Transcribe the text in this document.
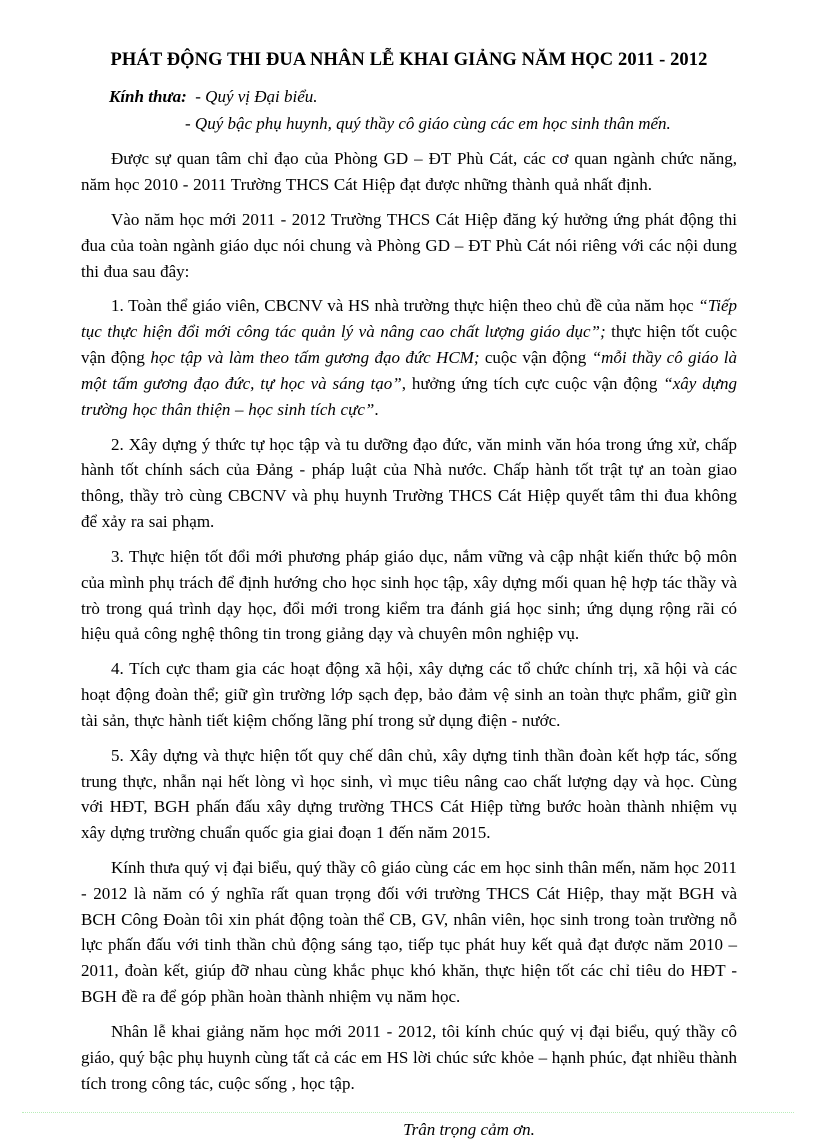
PHÁT ĐỘNG THI ĐUA NHÂN LỄ KHAI GIẢNG NĂM HỌC 2011 - 2012
Kính thưa: - Quý vị Đại biểu.
- Quý bậc phụ huynh, quý thầy cô giáo cùng các em học sinh thân mến.

Được sự quan tâm chỉ đạo của Phòng GD – ĐT Phù Cát, các cơ quan ngành chức năng, năm học 2010 - 2011 Trường THCS Cát Hiệp đạt được những thành quả nhất định.

Vào năm học mới 2011 - 2012 Trường THCS Cát Hiệp đăng ký hưởng ứng phát động thi đua của toàn ngành giáo dục nói chung và Phòng GD – ĐT Phù Cát nói riêng với các nội dung thi đua sau đây:

1. Toàn thể giáo viên, CBCNV và HS nhà trường thực hiện theo chủ đề của năm học “Tiếp tục thực hiện đổi mới công tác quản lý và nâng cao chất lượng giáo dục”; thực hiện tốt cuộc vận động học tập và làm theo tấm gương đạo đức HCM; cuộc vận động “mỗi thầy cô giáo là một tấm gương đạo đức, tự học và sáng tạo”, hưởng ứng tích cực cuộc vận động “xây dựng trường học thân thiện – học sinh tích cực”.

2. Xây dựng ý thức tự học tập và tu dưỡng đạo đức, văn minh văn hóa trong ứng xử, chấp hành tốt chính sách của Đảng - pháp luật của Nhà nước. Chấp hành tốt trật tự an toàn giao thông, thầy trò cùng CBCNV và phụ huynh Trường THCS Cát Hiệp quyết tâm thi đua không để xảy ra sai phạm.

3. Thực hiện tốt đổi mới phương pháp giáo dục, nắm vững và cập nhật kiến thức bộ môn của mình phụ trách để định hướng cho học sinh học tập, xây dựng mối quan hệ hợp tác thầy và trò trong quá trình dạy học, đổi mới trong kiểm tra đánh giá học sinh; ứng dụng rộng rãi có hiệu quả công nghệ thông tin trong giảng dạy và chuyên môn nghiệp vụ.

4. Tích cực tham gia các hoạt động xã hội, xây dựng các tổ chức chính trị, xã hội và các hoạt động đoàn thể; giữ gìn trường lớp sạch đẹp, bảo đảm vệ sinh an toàn thực phẩm, giữ gìn tài sản, thực hành tiết kiệm chống lãng phí trong sử dụng điện - nước.

5. Xây dựng và thực hiện tốt quy chế dân chủ, xây dựng tinh thần đoàn kết hợp tác, sống trung thực, nhẫn nại hết lòng vì học sinh, vì mục tiêu nâng cao chất lượng dạy và học. Cùng với HĐT, BGH phấn đấu xây dựng trường THCS Cát Hiệp từng bước hoàn thành nhiệm vụ xây dựng trường chuẩn quốc gia giai đoạn 1 đến năm 2015.

Kính thưa quý vị đại biểu, quý thầy cô giáo cùng các em học sinh thân mến, năm học 2011 - 2012 là năm có ý nghĩa rất quan trọng đối với trường THCS Cát Hiệp, thay mặt BGH và BCH Công Đoàn tôi xin phát động toàn thể CB, GV, nhân viên, học sinh trong toàn trường nỗ lực phấn đấu với tinh thần chủ động sáng tạo, tiếp tục phát huy kết quả đạt được năm 2010 – 2011, đoàn kết, giúp đỡ nhau cùng khắc phục khó khăn, thực hiện tốt các chỉ tiêu do HĐT - BGH đề ra để góp phần hoàn thành nhiệm vụ năm học.

Nhân lễ khai giảng năm học mới 2011 - 2012, tôi kính chúc quý vị đại biểu, quý thầy cô giáo, quý bậc phụ huynh cùng tất cả các em HS lời chúc sức khỏe – hạnh phúc, đạt nhiều thành tích trong công tác, cuộc sống , học tập.

Trân trọng cảm ơn.
